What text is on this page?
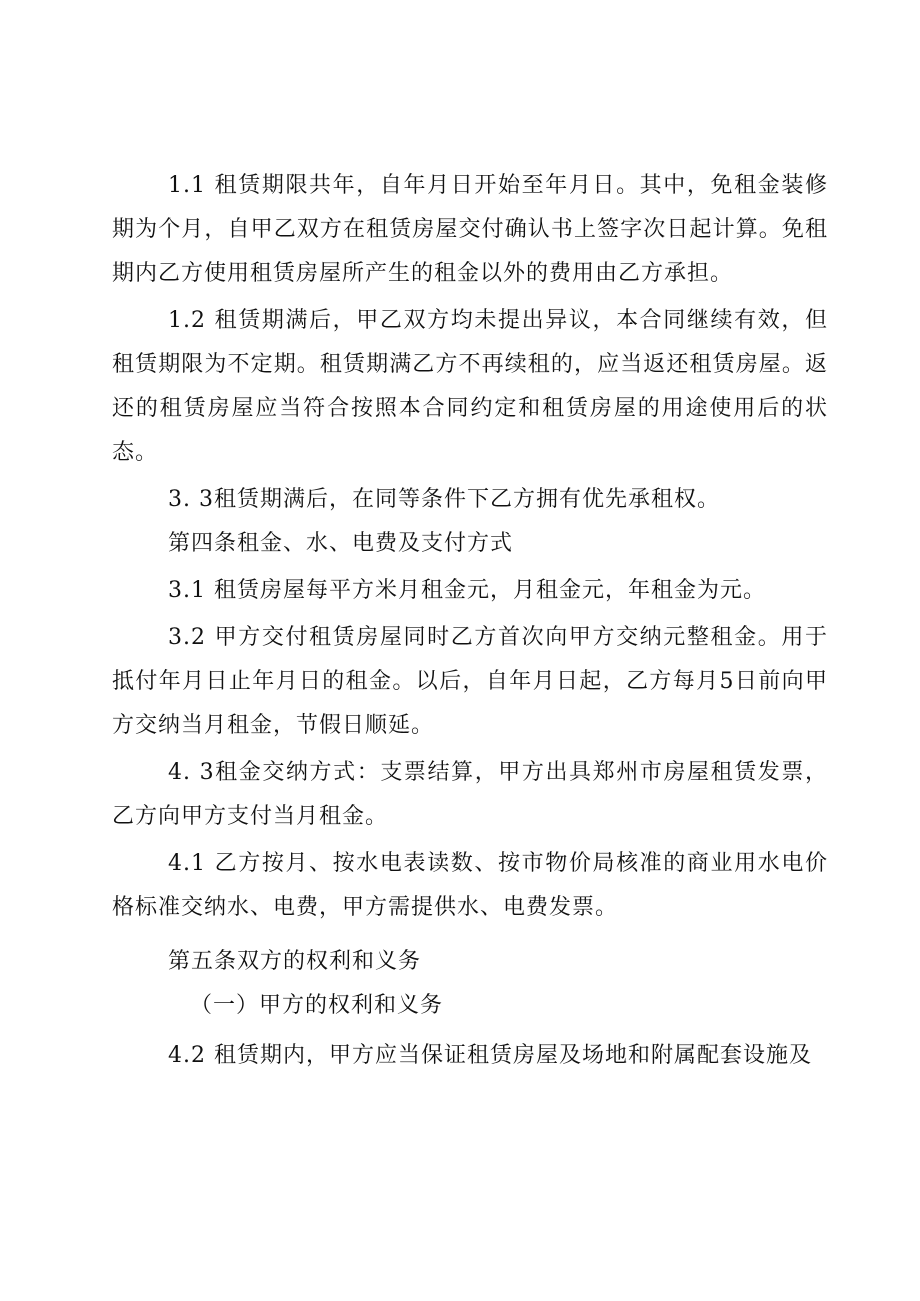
1.1 租赁期限共年，自年月日开始至年月日。其中，免租金装修期为个月，自甲乙双方在租赁房屋交付确认书上签字次日起计算。免租期内乙方使用租赁房屋所产生的租金以外的费用由乙方承担。

1.2 租赁期满后，甲乙双方均未提出异议，本合同继续有效，但租赁期限为不定期。租赁期满乙方不再续租的，应当返还租赁房屋。返还的租赁房屋应当符合按照本合同约定和租赁房屋的用途使用后的状态。

3. 3租赁期满后，在同等条件下乙方拥有优先承租权。

第四条租金、水、电费及支付方式

3.1 租赁房屋每平方米月租金元，月租金元，年租金为元。

3.2 甲方交付租赁房屋同时乙方首次向甲方交纳元整租金。用于抵付年月日止年月日的租金。以后，自年月日起，乙方每月5日前向甲方交纳当月租金，节假日顺延。

4. 3租金交纳方式：支票结算，甲方出具郑州市房屋租赁发票，乙方向甲方支付当月租金。

4.1 乙方按月、按水电表读数、按市物价局核准的商业用水电价格标准交纳水、电费，甲方需提供水、电费发票。

第五条双方的权利和义务

（一）甲方的权利和义务

4.2 租赁期内，甲方应当保证租赁房屋及场地和附属配套设施及
